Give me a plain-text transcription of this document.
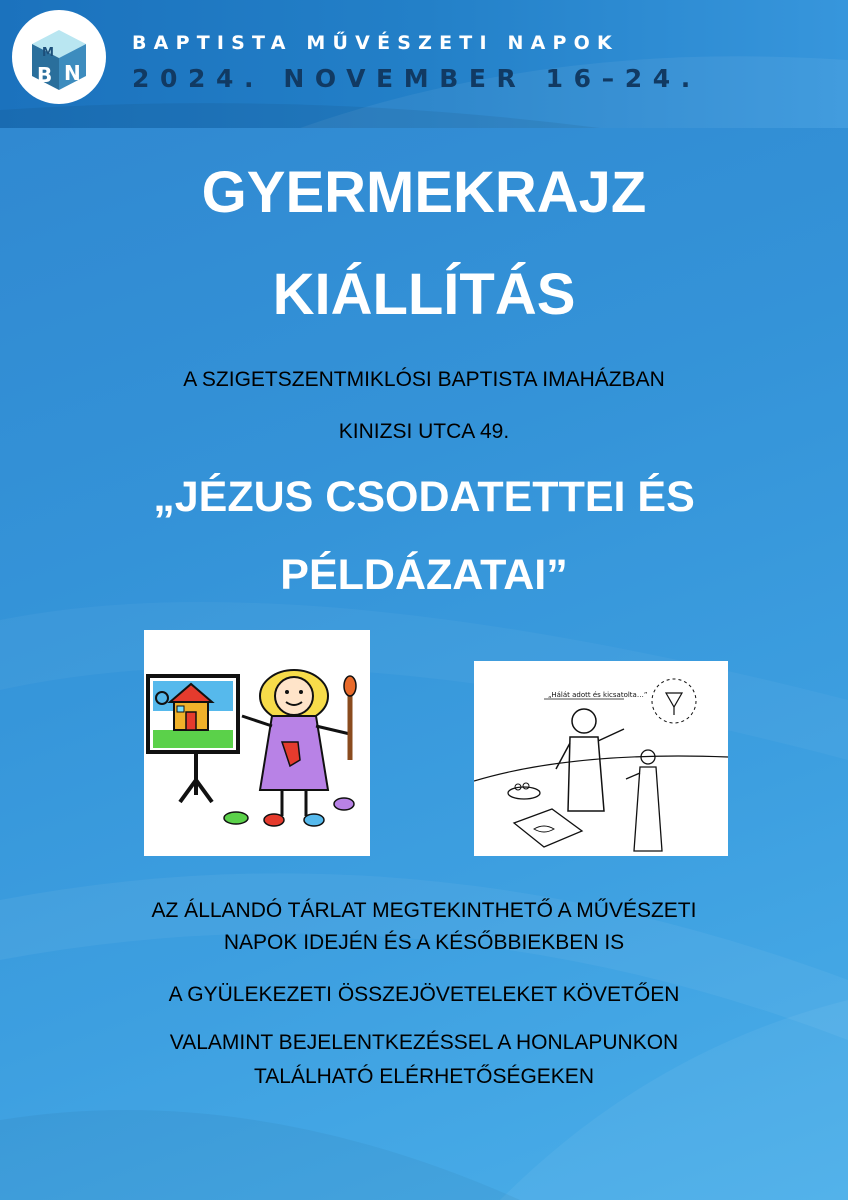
M
B N
BAPTISTA MŰVÉSZETI NAPOK
2024. NOVEMBER 16–24.
GYERMEKRAJZ
KIÁLLÍTÁS
A SZIGETSZENTMIKLÓSI BAPTISTA IMAHÁZBAN
KINIZSI UTCA 49.
„JÉZUS CSODATETTEI ÉS
PÉLDÁZATAI”
„Hálát adott és kicsatolta…”
AZ ÁLLANDÓ TÁRLAT MEGTEKINTHETŐ A MŰVÉSZETI
NAPOK IDEJÉN ÉS A KÉSŐBBIEKBEN IS
A GYÜLEKEZETI ÖSSZEJÖVETELEKET KÖVETŐEN
VALAMINT BEJELENTKEZÉSSEL A HONLAPUNKON
TALÁLHATÓ ELÉRHETŐSÉGEKEN
